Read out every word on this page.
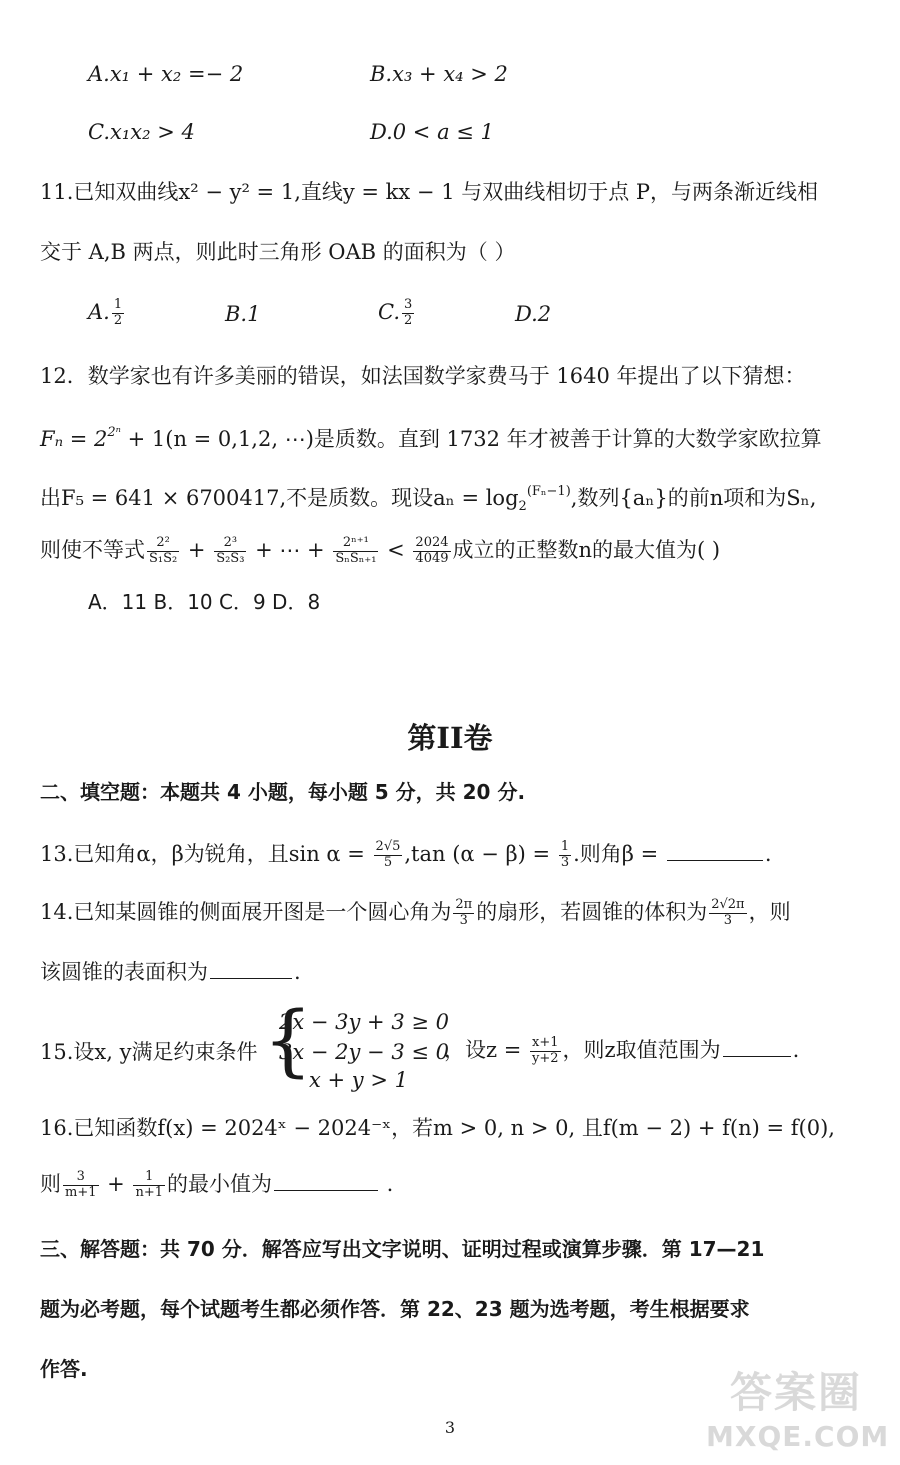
A.x₁ + x₂ =− 2	B.x₃ + x₄ > 2
C.x₁x₂ > 4	D.0 < a ≤ 1
11.已知双曲线x² − y² = 1,直线y = kx − 1 与双曲线相切于点 P，与两条渐近线相
交于 A,B 两点，则此时三角形 OAB 的面积为（ ）
A. $\frac{1}{2}$	B.1	C. $\frac{3}{2}$	D.2
12．数学家也有许多美丽的错误，如法国数学家费马于 1640 年提出了以下猜想：
$F_n = 2^{2^n} + 1(n = 0,1,2$, ⋯)是质数。直到 1732 年才被善于计算的大数学家欧拉算
出F₅ = 641 × 6700417,不是质数。现设$a_n = \log_2^{(F_n-1)}$,数列{aₙ}的前n项和为Sₙ,
则使不等式 $\frac{\text{2²}}{\text{S₁S₂}} + \frac{\text{2³}}{\text{S₂S₃}}$ + ⋯ + $\frac{\text{2ⁿ⁺¹}}{\text{SₙSₙ₊₁}} < \frac{2024}{4049}$ 成立的正整数n的最大值为( )
A．11 B．10 C．9 D．8
第II卷
二、填空题：本题共 4 小题，每小题 5 分，共 20 分.
13.已知角α，β为锐角，且$\sin \alpha = \frac{2√5}{5} ,\tan$ $(\alpha - \beta) = \frac{1}{3}$ .则角β =	.
14.已知某圆锥的侧面展开图是一个圆心角为 $\frac{2\pi}{3}$ 的扇形，若圆锥的体积为 $\frac{2√2\pi}{3}$ ，则
该圆锥的表面积为	.
15.设x, y满足约束条件 {
2x − 3y + 3 ≥ 0
3x − 2y − 3 ≤ 0
x + y > 1
，设$z = \frac{x+1}{y+2}$ ，则z取值范围为	.
16.已知函数f(x) = 2024ˣ − 2024⁻ˣ，若m > 0, n > 0, 且f(m − 2) + f(n) = f(0),
则 $\frac{3}{m+1} + \frac{1}{n+1}$ 的最小值为	.
三、解答题：共 70 分．解答应写出文字说明、证明过程或演算步骤．第 17—21
题为必考题，每个试题考生都必须作答．第 22、23 题为选考题，考生根据要求
作答.
3
答案圈
MXQE.COM
